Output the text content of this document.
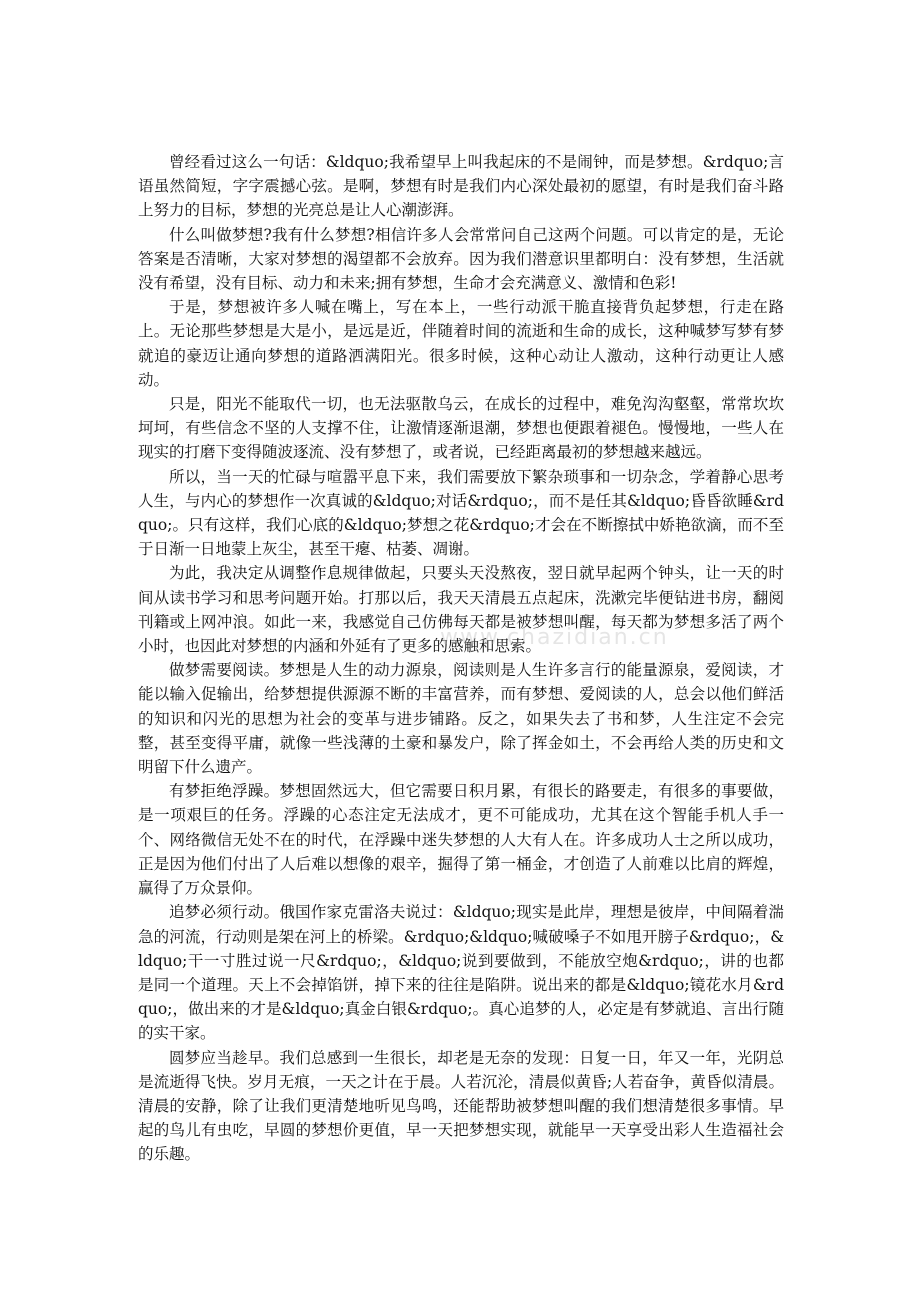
曾经看过这么一句话：&ldquo;我希望早上叫我起床的不是闹钟，而是梦想。&rdquo;言语虽然简短，字字震撼心弦。是啊，梦想有时是我们内心深处最初的愿望，有时是我们奋斗路上努力的目标，梦想的光亮总是让人心潮澎湃。

什么叫做梦想?我有什么梦想?相信许多人会常常问自己这两个问题。可以肯定的是，无论答案是否清晰，大家对梦想的渴望都不会放弃。因为我们潜意识里都明白：没有梦想，生活就没有希望，没有目标、动力和未来;拥有梦想，生命才会充满意义、激情和色彩!

于是，梦想被许多人喊在嘴上，写在本上，一些行动派干脆直接背负起梦想，行走在路上。无论那些梦想是大是小，是远是近，伴随着时间的流逝和生命的成长，这种喊梦写梦有梦就追的豪迈让通向梦想的道路洒满阳光。很多时候，这种心动让人激动，这种行动更让人感动。

只是，阳光不能取代一切，也无法驱散乌云，在成长的过程中，难免沟沟壑壑，常常坎坎坷坷，有些信念不坚的人支撑不住，让激情逐渐退潮，梦想也便跟着褪色。慢慢地，一些人在现实的打磨下变得随波逐流、没有梦想了，或者说，已经距离最初的梦想越来越远。

所以，当一天的忙碌与喧嚣平息下来，我们需要放下繁杂琐事和一切杂念，学着静心思考人生，与内心的梦想作一次真诚的&ldquo;对话&rdquo;，而不是任其&ldquo;昏昏欲睡&rdquo;。只有这样，我们心底的&ldquo;梦想之花&rdquo;才会在不断擦拭中娇艳欲滴，而不至于日渐一日地蒙上灰尘，甚至干瘪、枯萎、凋谢。

为此，我决定从调整作息规律做起，只要头天没熬夜，翌日就早起两个钟头，让一天的时间从读书学习和思考问题开始。打那以后，我天天清晨五点起床，洗漱完毕便钻进书房，翻阅刊籍或上网冲浪。如此一来，我感觉自己仿佛每天都是被梦想叫醒，每天都为梦想多活了两个小时，也因此对梦想的内涵和外延有了更多的感触和思索。

做梦需要阅读。梦想是人生的动力源泉，阅读则是人生许多言行的能量源泉，爱阅读，才能以输入促输出，给梦想提供源源不断的丰富营养，而有梦想、爱阅读的人，总会以他们鲜活的知识和闪光的思想为社会的变革与进步铺路。反之，如果失去了书和梦，人生注定不会完整，甚至变得平庸，就像一些浅薄的土豪和暴发户，除了挥金如土，不会再给人类的历史和文明留下什么遗产。

有梦拒绝浮躁。梦想固然远大，但它需要日积月累，有很长的路要走，有很多的事要做，是一项艰巨的任务。浮躁的心态注定无法成才，更不可能成功，尤其在这个智能手机人手一个、网络微信无处不在的时代，在浮躁中迷失梦想的人大有人在。许多成功人士之所以成功，正是因为他们付出了人后难以想像的艰辛，掘得了第一桶金，才创造了人前难以比肩的辉煌，赢得了万众景仰。

追梦必须行动。俄国作家克雷洛夫说过：&ldquo;现实是此岸，理想是彼岸，中间隔着湍急的河流，行动则是架在河上的桥梁。&rdquo;&ldquo;喊破嗓子不如甩开膀子&rdquo;，&ldquo;干一寸胜过说一尺&rdquo;，&ldquo;说到要做到，不能放空炮&rdquo;，讲的也都是同一个道理。天上不会掉馅饼，掉下来的往往是陷阱。说出来的都是&ldquo;镜花水月&rdquo;，做出来的才是&ldquo;真金白银&rdquo;。真心追梦的人，必定是有梦就追、言出行随的实干家。

圆梦应当趁早。我们总感到一生很长，却老是无奈的发现：日复一日，年又一年，光阴总是流逝得飞快。岁月无痕，一天之计在于晨。人若沉沦，清晨似黄昏;人若奋争，黄昏似清晨。清晨的安静，除了让我们更清楚地听见鸟鸣，还能帮助被梦想叫醒的我们想清楚很多事情。早起的鸟儿有虫吃，早圆的梦想价更值，早一天把梦想实现，就能早一天享受出彩人生造福社会的乐趣。

www.chazidian.cn
